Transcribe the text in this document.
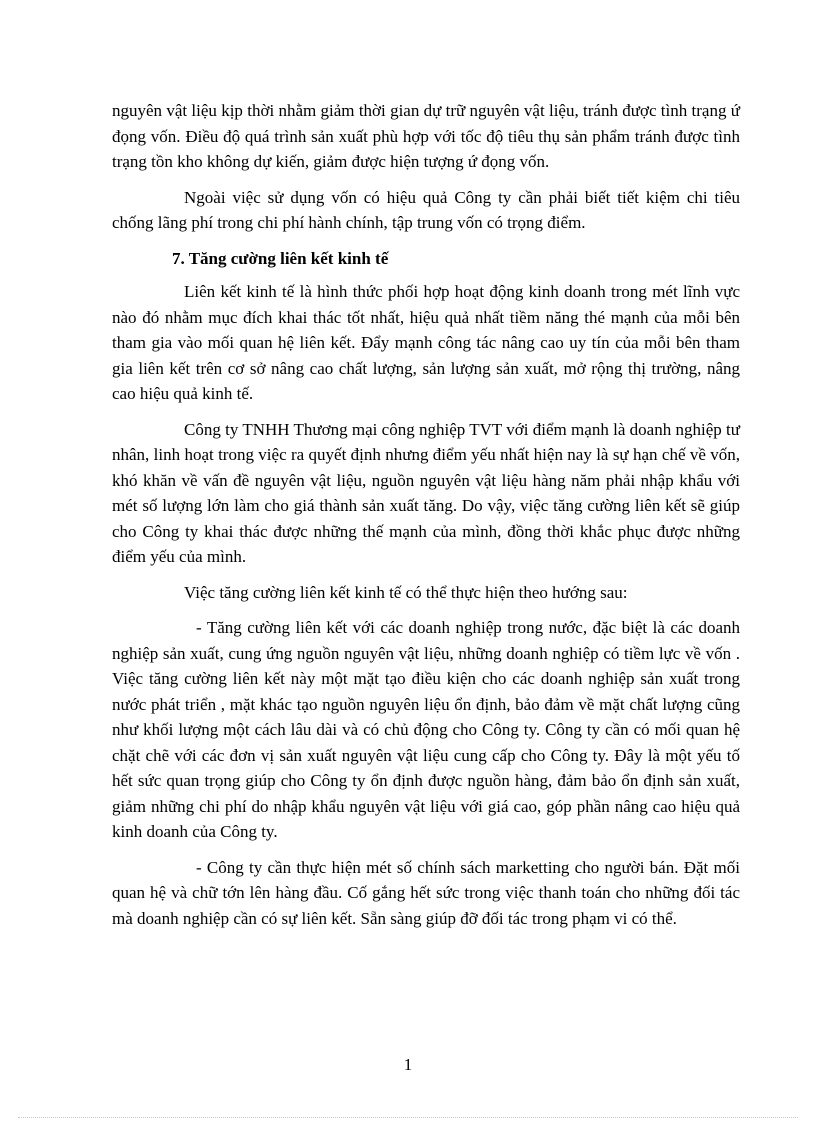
nguyên vật liệu kịp thời nhằm giảm thời gian dự trữ nguyên vật liệu, tránh được tình trạng ứ đọng vốn. Điều độ quá trình sản xuất phù hợp với tốc độ tiêu thụ sản phẩm tránh được tình trạng tồn kho không dự kiến, giảm được hiện tượng ứ đọng vốn.

Ngoài việc sử dụng vốn có hiệu quả Công ty cần phải biết tiết kiệm chi tiêu chống lãng phí trong chi phí hành chính, tập trung vốn có trọng điểm.

7. Tăng cường liên kết kinh tế

Liên kết kinh tế là hình thức phối hợp hoạt động kinh doanh trong mét lĩnh vực nào đó nhằm mục đích khai thác tốt nhất, hiệu quả nhất tiềm năng thé mạnh của mỗi bên tham gia vào mối quan hệ liên kết. Đẩy mạnh công tác nâng cao uy tín của mỗi bên tham gia liên kết trên cơ sở nâng cao chất lượng, sản lượng sản xuất, mở rộng thị trường, nâng cao hiệu quả kinh tế.

Công ty TNHH Thương mại công nghiệp TVT với điểm mạnh là doanh nghiệp tư nhân, linh hoạt trong việc ra quyết định nhưng điểm yếu nhất hiện nay là sự hạn chế về vốn, khó khăn về vấn đề nguyên vật liệu, nguồn nguyên vật liệu hàng năm phải nhập khẩu với mét số lượng lớn làm cho giá thành sản xuất tăng. Do vậy, việc tăng cường liên kết sẽ giúp cho Công ty khai thác được những thế mạnh của mình, đồng thời khắc phục được những điểm yếu của mình.

Việc tăng cường liên kết kinh tế có thể thực hiện theo hướng sau:

- Tăng cường liên kết với các doanh nghiệp trong nước, đặc biệt là các doanh nghiệp sản xuất, cung ứng nguồn nguyên vật liệu, những doanh nghiệp có tiềm lực về vốn . Việc tăng cường liên kết này một mặt tạo điều kiện cho các doanh nghiệp sản xuất trong nước phát triển , mặt khác tạo nguồn nguyên liệu ổn định, bảo đảm về mặt chất lượng cũng như khối lượng một cách lâu dài và có chủ động cho Công ty. Công ty cần có mối quan hệ chặt chẽ với các đơn vị sản xuất nguyên vật liệu cung cấp cho Công ty. Đây là một yếu tố hết sức quan trọng giúp cho Công ty ổn định được nguồn hàng, đảm bảo ổn định sản xuất, giảm những chi phí do nhập khẩu nguyên vật liệu với giá cao, góp phần nâng cao hiệu quả kinh doanh của Công ty.

- Công ty cần thực hiện mét số chính sách marketting cho người bán. Đặt mối quan hệ và chữ tớn lên hàng đầu. Cố gắng hết sức trong việc thanh toán cho những đối tác mà doanh nghiệp cần có sự liên kết. Sẵn sàng giúp đỡ đối tác trong phạm vi có thể.

1
